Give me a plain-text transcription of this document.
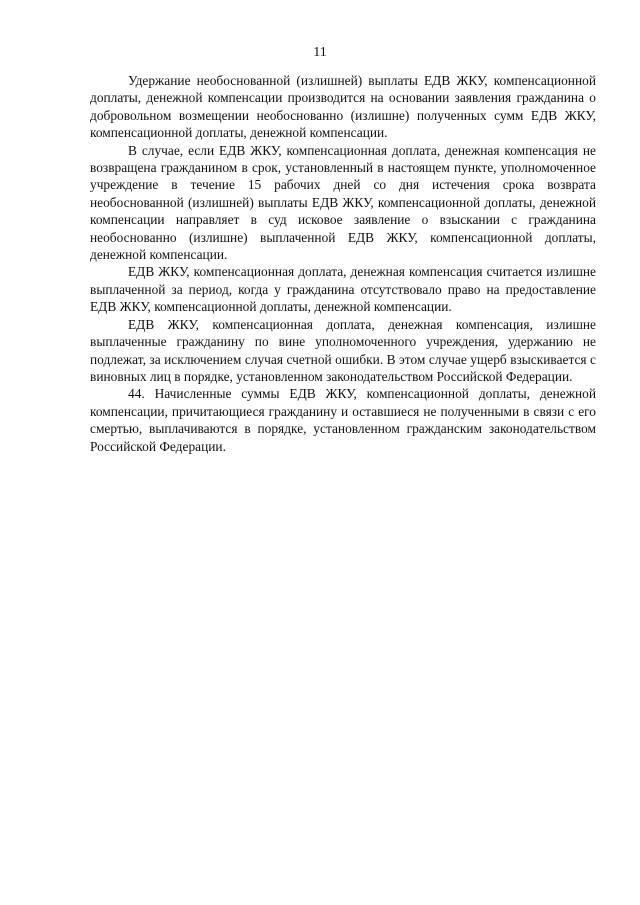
11

Удержание необоснованной (излишней) выплаты ЕДВ ЖКУ, компенсационной доплаты, денежной компенсации производится на основании заявления гражданина о добровольном возмещении необоснованно (излишне) полученных сумм ЕДВ ЖКУ, компенсационной доплаты, денежной компенсации.

В случае, если ЕДВ ЖКУ, компенсационная доплата, денежная компенсация не возвращена гражданином в срок, установленный в настоящем пункте, уполномоченное учреждение в течение 15 рабочих дней со дня истечения срока возврата необоснованной (излишней) выплаты ЕДВ ЖКУ, компенсационной доплаты, денежной компенсации направляет в суд исковое заявление о взыскании с гражданина необоснованно (излишне) выплаченной ЕДВ ЖКУ, компенсационной доплаты, денежной компенсации.

ЕДВ ЖКУ, компенсационная доплата, денежная компенсация считается излишне выплаченной за период, когда у гражданина отсутствовало право на предоставление ЕДВ ЖКУ, компенсационной доплаты, денежной компенсации.

ЕДВ ЖКУ, компенсационная доплата, денежная компенсация, излишне выплаченные гражданину по вине уполномоченного учреждения, удержанию не подлежат, за исключением случая счетной ошибки. В этом случае ущерб взыскивается с виновных лиц в порядке, установленном законодательством Российской Федерации.

44. Начисленные суммы ЕДВ ЖКУ, компенсационной доплаты, денежной компенсации, причитающиеся гражданину и оставшиеся не полученными в связи с его смертью, выплачиваются в порядке, установленном гражданским законодательством Российской Федерации.
